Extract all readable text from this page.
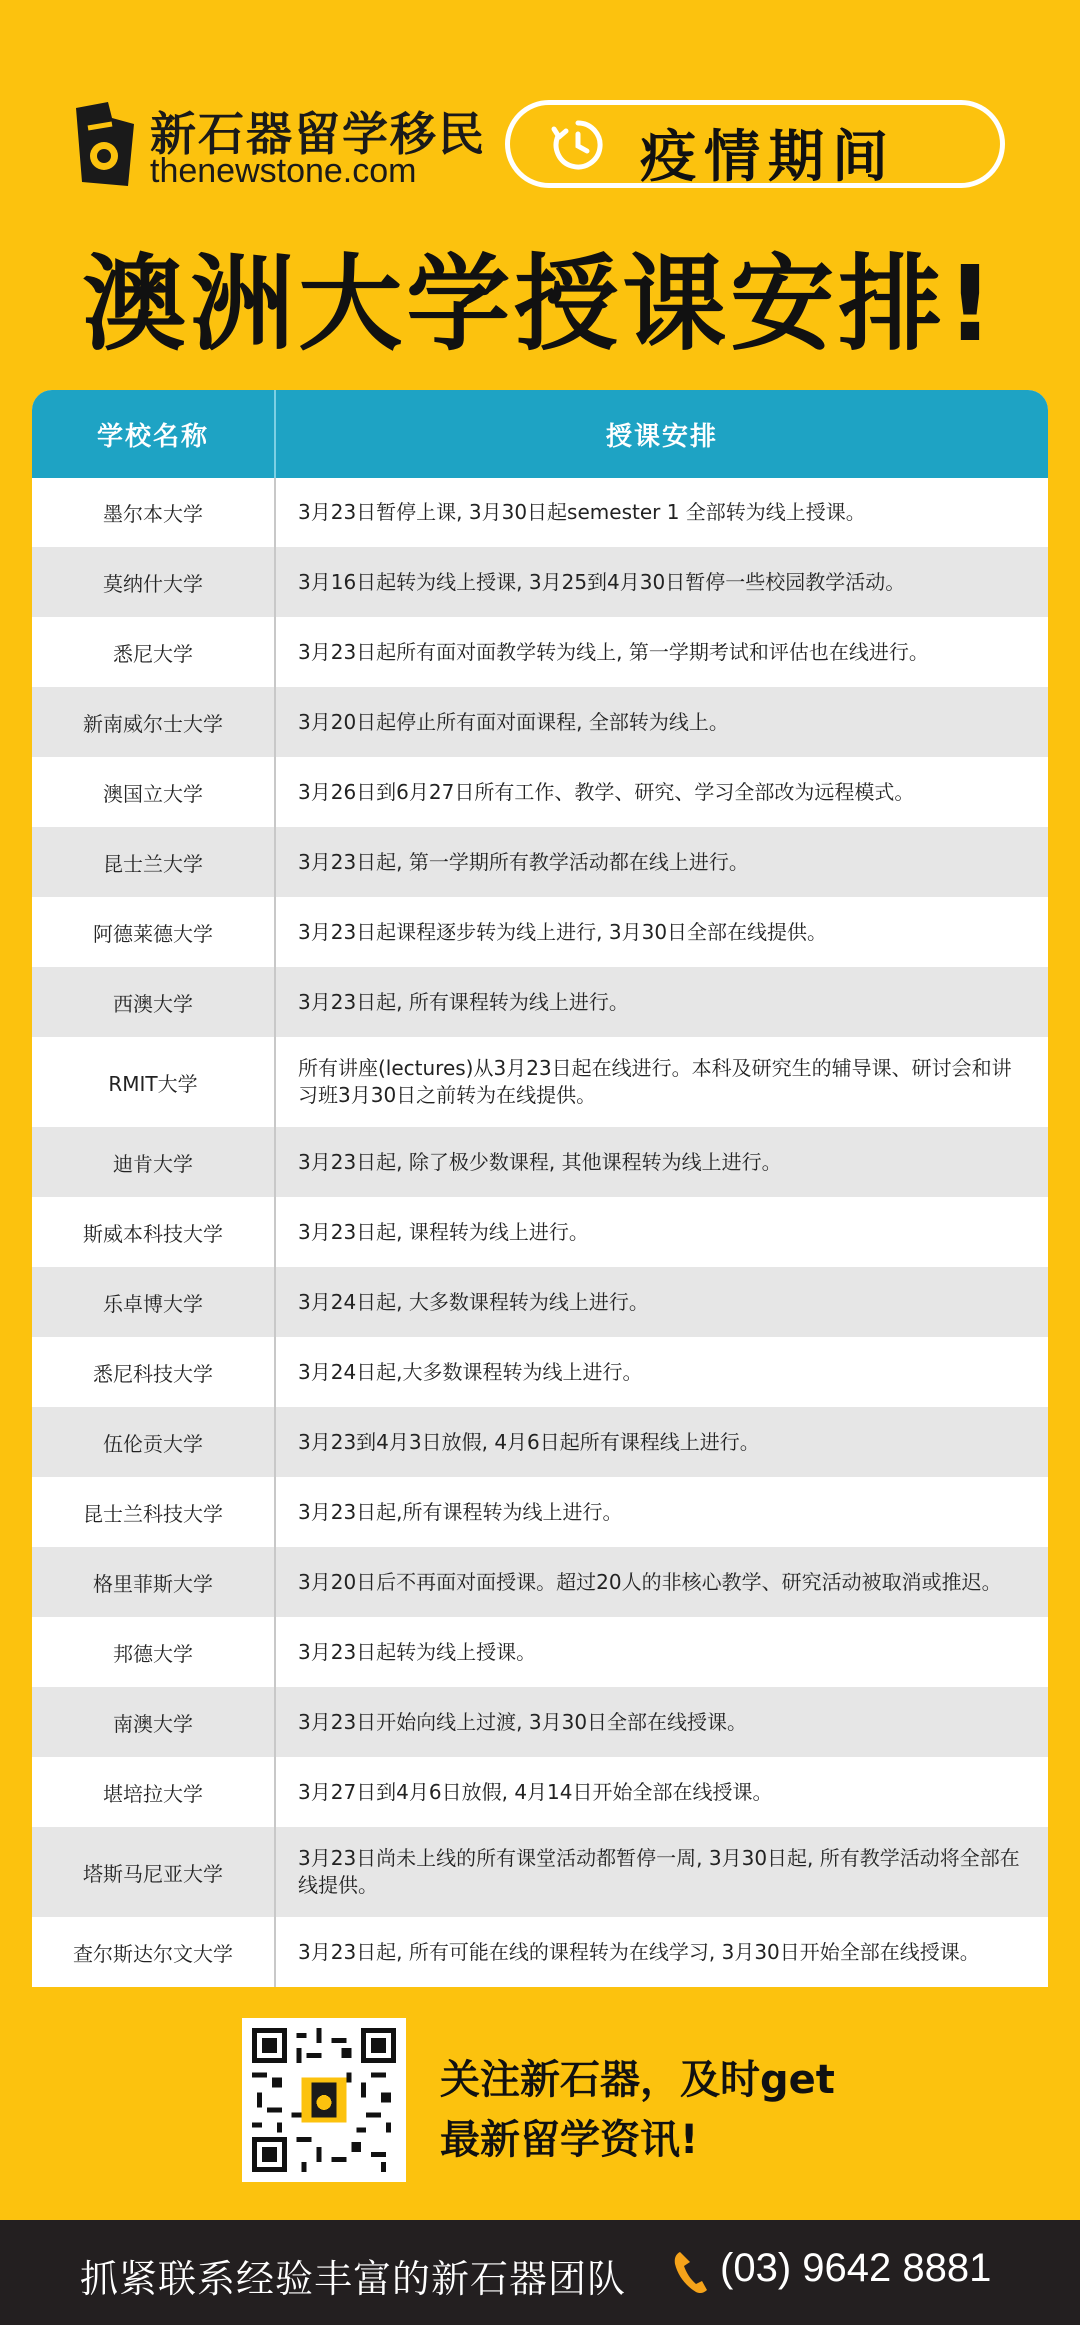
新石器留学移民
thenewstone.com	疫情期间
澳洲大学授课安排!
学校名称	授课安排
墨尔本大学	3月23日暂停上课, 3月30日起semester 1 全部转为线上授课。
莫纳什大学	3月16日起转为线上授课, 3月25到4月30日暂停一些校园教学活动。
悉尼大学	3月23日起所有面对面教学转为线上, 第一学期考试和评估也在线进行。
新南威尔士大学	3月20日起停止所有面对面课程, 全部转为线上。
澳国立大学	3月26日到6月27日所有工作、教学、研究、学习全部改为远程模式。
昆士兰大学	3月23日起, 第一学期所有教学活动都在线上进行。
阿德莱德大学	3月23日起课程逐步转为线上进行, 3月30日全部在线提供。
西澳大学	3月23日起, 所有课程转为线上进行。
RMIT大学	所有讲座(lectures)从3月23日起在线进行。本科及研究生的辅导课、研讨会和讲习班3月30日之前转为在线提供。
迪肯大学	3月23日起, 除了极少数课程, 其他课程转为线上进行。
斯威本科技大学	3月23日起, 课程转为线上进行。
乐卓博大学	3月24日起, 大多数课程转为线上进行。
悉尼科技大学	3月24日起,大多数课程转为线上进行。
伍伦贡大学	3月23到4月3日放假, 4月6日起所有课程线上进行。
昆士兰科技大学	3月23日起,所有课程转为线上进行。
格里菲斯大学	3月20日后不再面对面授课。超过20人的非核心教学、研究活动被取消或推迟。
邦德大学	3月23日起转为线上授课。
南澳大学	3月23日开始向线上过渡, 3月30日全部在线授课。
堪培拉大学	3月27日到4月6日放假, 4月14日开始全部在线授课。
塔斯马尼亚大学	3月23日尚未上线的所有课堂活动都暂停一周, 3月30日起, 所有教学活动将全部在线提供。
查尔斯达尔文大学	3月23日起, 所有可能在线的课程转为在线学习, 3月30日开始全部在线授课。
关注新石器，及时get
最新留学资讯!
抓紧联系经验丰富的新石器团队 (03) 9642 8881
